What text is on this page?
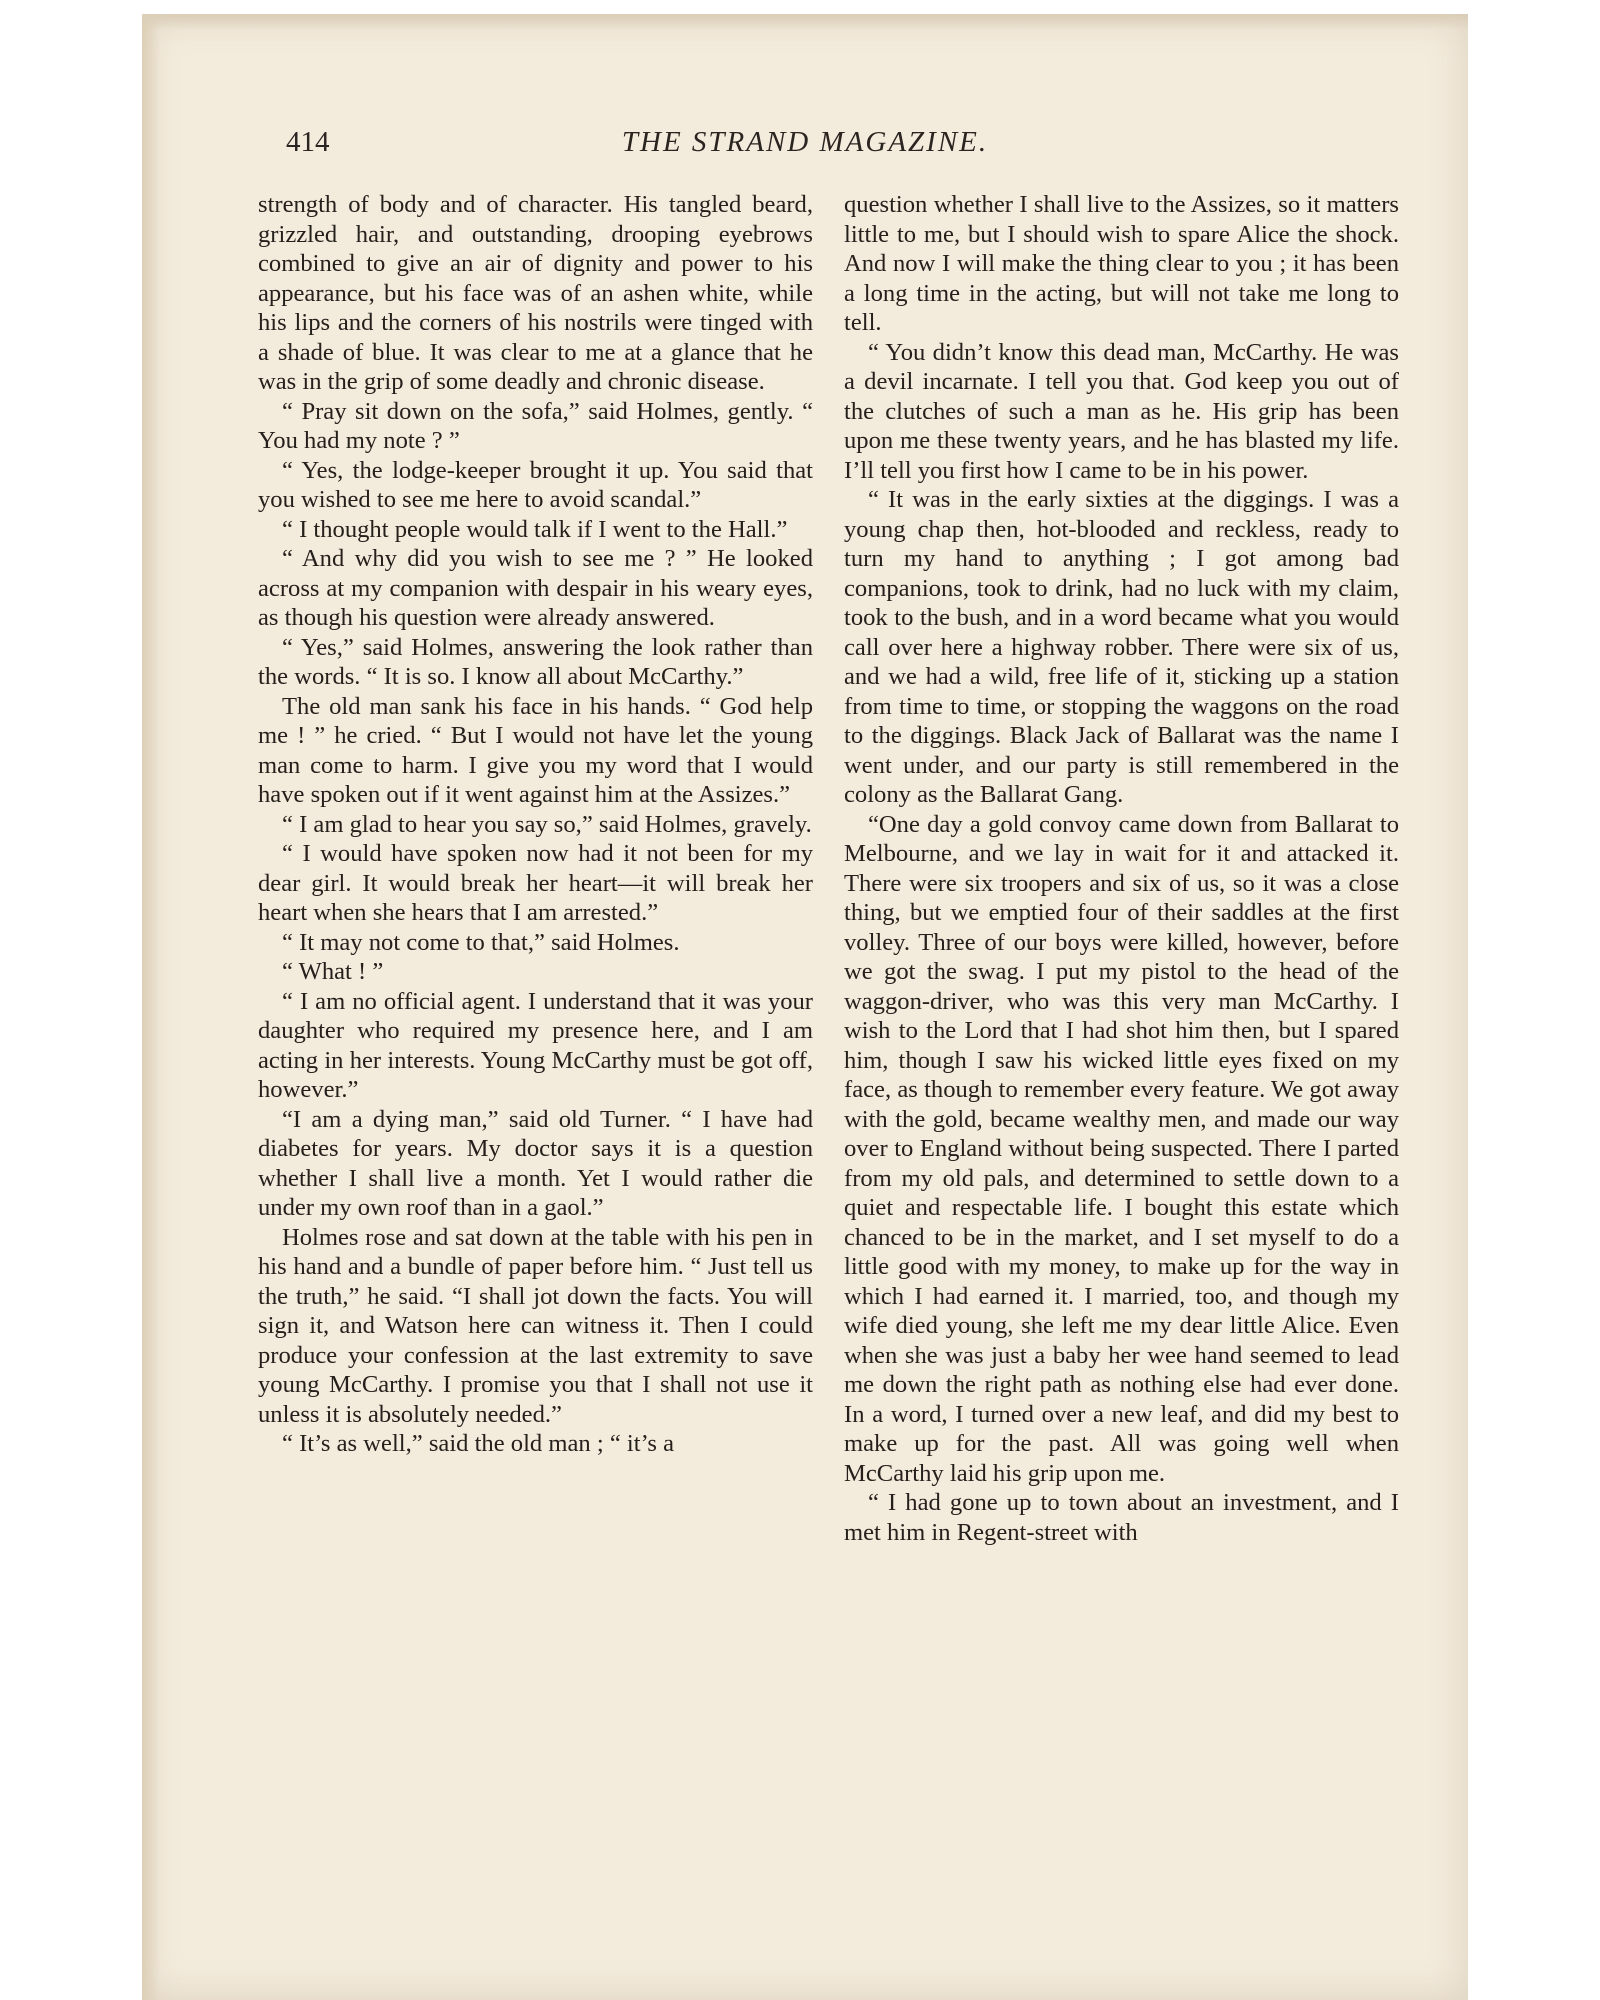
414	THE STRAND MAGAZINE.

strength of body and of character. His tangled beard, grizzled hair, and outstanding, drooping eyebrows combined to give an air of dignity and power to his appearance, but his face was of an ashen white, while his lips and the corners of his nostrils were tinged with a shade of blue. It was clear to me at a glance that he was in the grip of some deadly and chronic disease.

“ Pray sit down on the sofa,” said Holmes, gently. “ You had my note ? ”

“ Yes, the lodge-keeper brought it up. You said that you wished to see me here to avoid scandal.”

“ I thought people would talk if I went to the Hall.”

“ And why did you wish to see me ? ” He looked across at my companion with despair in his weary eyes, as though his question were already answered.

“ Yes,” said Holmes, answering the look rather than the words. “ It is so. I know all about McCarthy.”

The old man sank his face in his hands. “ God help me ! ” he cried. “ But I would not have let the young man come to harm. I give you my word that I would have spoken out if it went against him at the Assizes.”

“ I am glad to hear you say so,” said Holmes, gravely.

“ I would have spoken now had it not been for my dear girl. It would break her heart—it will break her heart when she hears that I am arrested.”

“ It may not come to that,” said Holmes.

“ What ! ”

“ I am no official agent. I understand that it was your daughter who required my presence here, and I am acting in her interests. Young McCarthy must be got off, however.”

“I am a dying man,” said old Turner. “ I have had diabetes for years. My doctor says it is a question whether I shall live a month. Yet I would rather die under my own roof than in a gaol.”

Holmes rose and sat down at the table with his pen in his hand and a bundle of paper before him. “ Just tell us the truth,” he said. “I shall jot down the facts. You will sign it, and Watson here can witness it. Then I could produce your confession at the last extremity to save young McCarthy. I promise you that I shall not use it unless it is absolutely needed.”

“ It’s as well,” said the old man ; “ it’s a

question whether I shall live to the Assizes, so it matters little to me, but I should wish to spare Alice the shock. And now I will make the thing clear to you ; it has been a long time in the acting, but will not take me long to tell.

“ You didn’t know this dead man, McCarthy. He was a devil incarnate. I tell you that. God keep you out of the clutches of such a man as he. His grip has been upon me these twenty years, and he has blasted my life. I’ll tell you first how I came to be in his power.

“ It was in the early sixties at the diggings. I was a young chap then, hot-blooded and reckless, ready to turn my hand to anything ; I got among bad companions, took to drink, had no luck with my claim, took to the bush, and in a word became what you would call over here a highway robber. There were six of us, and we had a wild, free life of it, sticking up a station from time to time, or stopping the waggons on the road to the diggings. Black Jack of Ballarat was the name I went under, and our party is still remembered in the colony as the Ballarat Gang.

“One day a gold convoy came down from Ballarat to Melbourne, and we lay in wait for it and attacked it. There were six troopers and six of us, so it was a close thing, but we emptied four of their saddles at the first volley. Three of our boys were killed, however, before we got the swag. I put my pistol to the head of the waggon-driver, who was this very man McCarthy. I wish to the Lord that I had shot him then, but I spared him, though I saw his wicked little eyes fixed on my face, as though to remember every feature. We got away with the gold, became wealthy men, and made our way over to England without being suspected. There I parted from my old pals, and determined to settle down to a quiet and respectable life. I bought this estate which chanced to be in the market, and I set myself to do a little good with my money, to make up for the way in which I had earned it. I married, too, and though my wife died young, she left me my dear little Alice. Even when she was just a baby her wee hand seemed to lead me down the right path as nothing else had ever done. In a word, I turned over a new leaf, and did my best to make up for the past. All was going well when McCarthy laid his grip upon me.

“ I had gone up to town about an investment, and I met him in Regent-street with
